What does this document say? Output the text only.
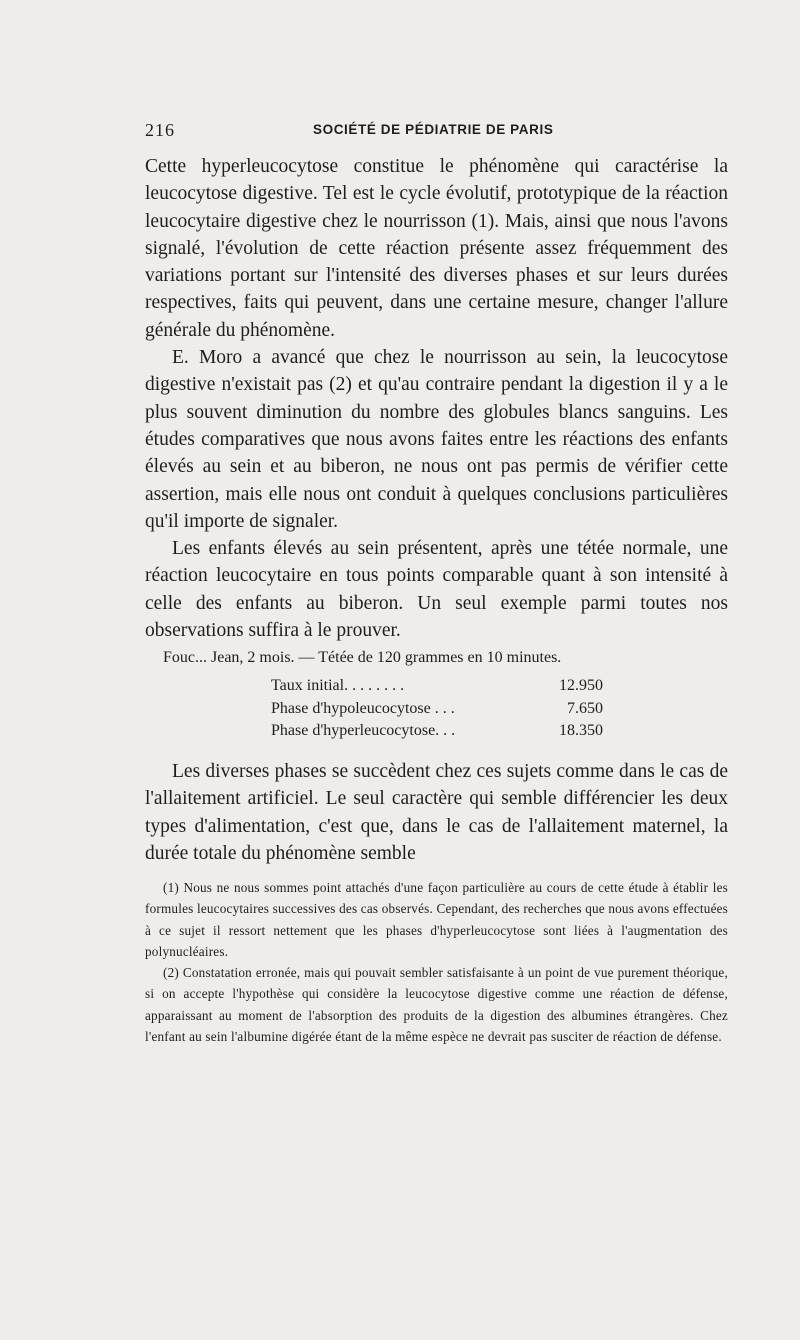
216	SOCIÉTÉ DE PÉDIATRIE DE PARIS

Cette hyperleucocytose constitue le phénomène qui caractérise la leucocytose digestive. Tel est le cycle évolutif, prototypique de la réaction leucocytaire digestive chez le nourrisson (1). Mais, ainsi que nous l'avons signalé, l'évolution de cette réaction présente assez fréquemment des variations portant sur l'intensité des diverses phases et sur leurs durées respectives, faits qui peuvent, dans une certaine mesure, changer l'allure générale du phénomène.

E. Moro a avancé que chez le nourrisson au sein, la leucocytose digestive n'existait pas (2) et qu'au contraire pendant la digestion il y a le plus souvent diminution du nombre des globules blancs sanguins. Les études comparatives que nous avons faites entre les réactions des enfants élevés au sein et au biberon, ne nous ont pas permis de vérifier cette assertion, mais elle nous ont conduit à quelques conclusions particulières qu'il importe de signaler.

Les enfants élevés au sein présentent, après une tétée normale, une réaction leucocytaire en tous points comparable quant à son intensité à celle des enfants au biberon. Un seul exemple parmi toutes nos observations suffira à le prouver.

Fouc... Jean, 2 mois. — Tétée de 120 grammes en 10 minutes.

Taux initial. . . . . . . .	12.950
Phase d'hypoleucocytose . . .	7.650
Phase d'hyperleucocytose. . .	18.350

Les diverses phases se succèdent chez ces sujets comme dans le cas de l'allaitement artificiel. Le seul caractère qui semble différencier les deux types d'alimentation, c'est que, dans le cas de l'allaitement maternel, la durée totale du phénomène semble

(1) Nous ne nous sommes point attachés d'une façon particulière au cours de cette étude à établir les formules leucocytaires successives des cas observés. Cependant, des recherches que nous avons effectuées à ce sujet il ressort nettement que les phases d'hyperleucocytose sont liées à l'augmentation des polynucléaires.

(2) Constatation erronée, mais qui pouvait sembler satisfaisante à un point de vue purement théorique, si on accepte l'hypothèse qui considère la leucocytose digestive comme une réaction de défense, apparaissant au moment de l'absorption des produits de la digestion des albumines étrangères. Chez l'enfant au sein l'albumine digérée étant de la même espèce ne devrait pas susciter de réaction de défense.
